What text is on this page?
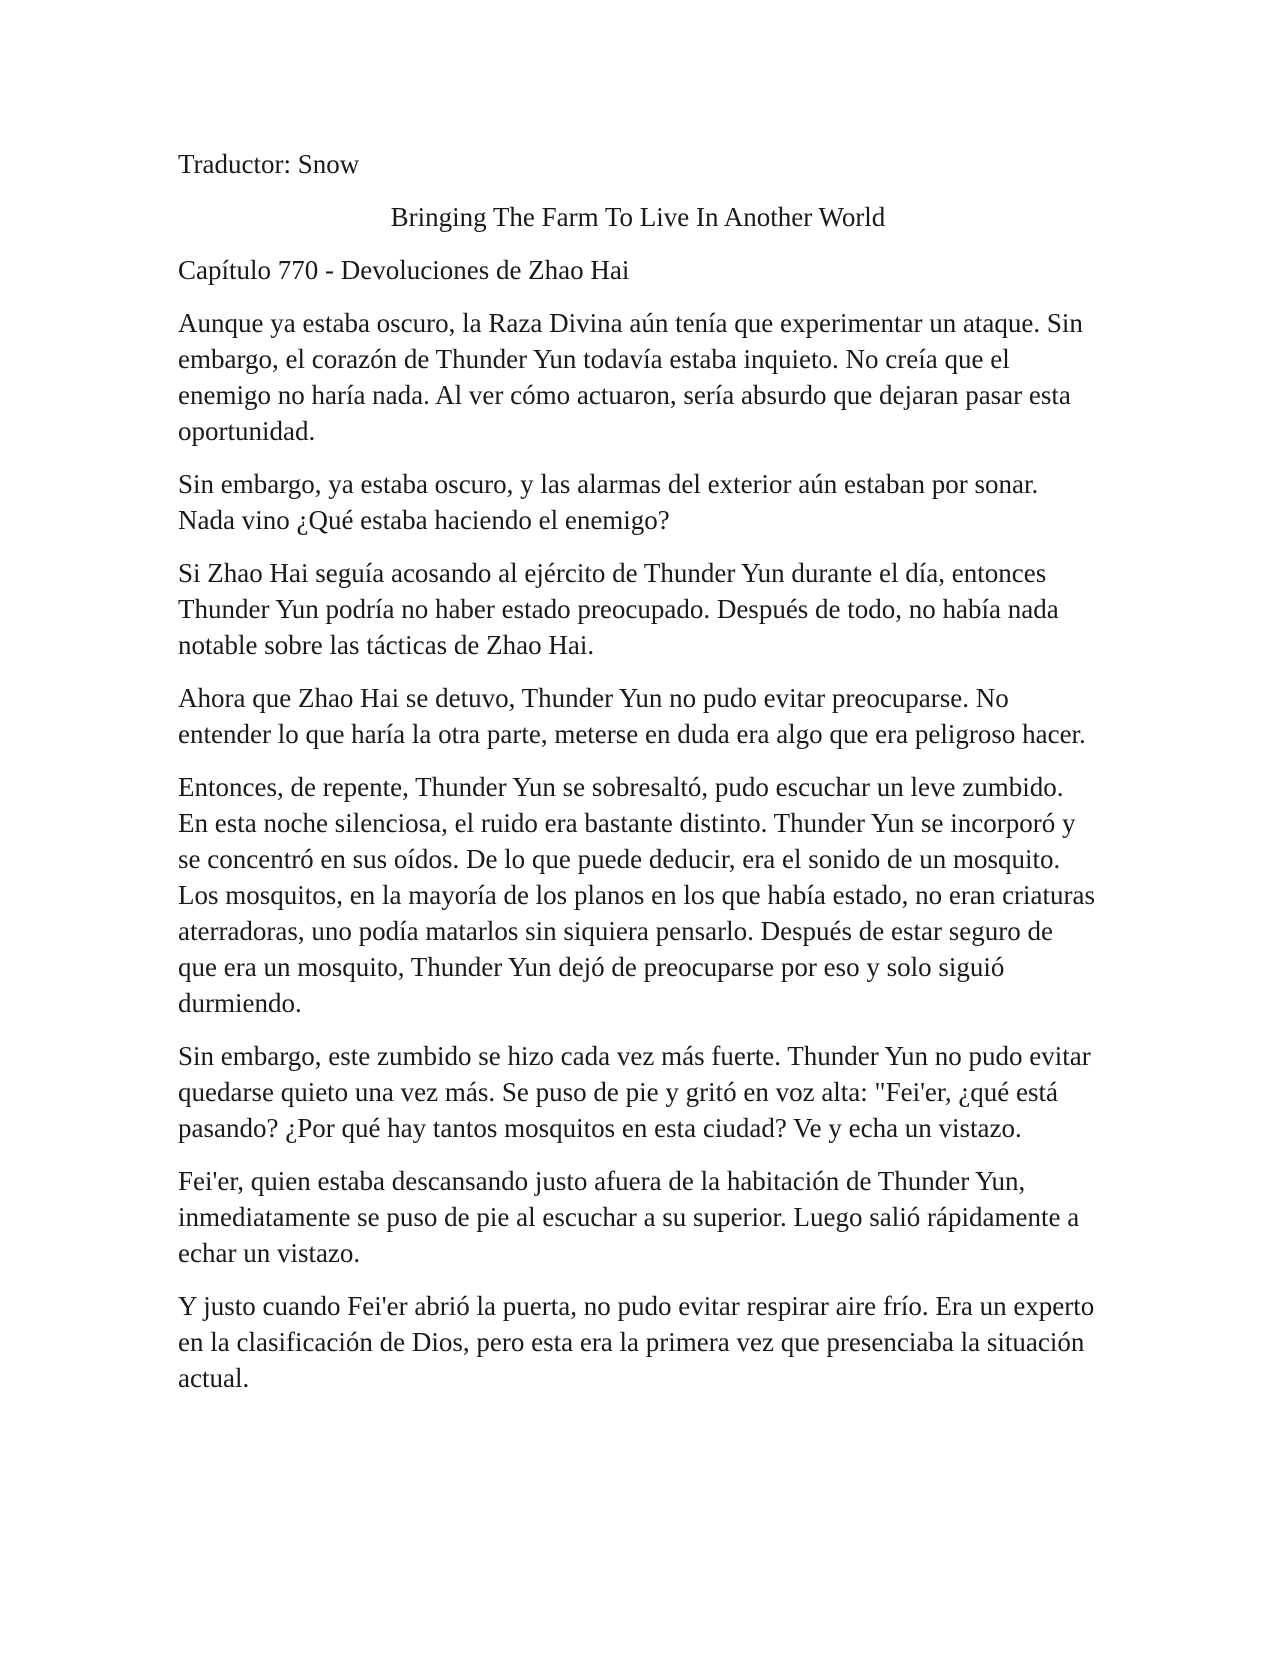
Traductor: Snow

Bringing The Farm To Live In Another World

Capítulo 770 - Devoluciones de Zhao Hai

Aunque ya estaba oscuro, la Raza Divina aún tenía que experimentar un ataque. Sin embargo, el corazón de Thunder Yun todavía estaba inquieto. No creía que el enemigo no haría nada. Al ver cómo actuaron, sería absurdo que dejaran pasar esta oportunidad.

Sin embargo, ya estaba oscuro, y las alarmas del exterior aún estaban por sonar. Nada vino ¿Qué estaba haciendo el enemigo?

Si Zhao Hai seguía acosando al ejército de Thunder Yun durante el día, entonces Thunder Yun podría no haber estado preocupado. Después de todo, no había nada notable sobre las tácticas de Zhao Hai.

Ahora que Zhao Hai se detuvo, Thunder Yun no pudo evitar preocuparse. No entender lo que haría la otra parte, meterse en duda era algo que era peligroso hacer.

Entonces, de repente, Thunder Yun se sobresaltó, pudo escuchar un leve zumbido. En esta noche silenciosa, el ruido era bastante distinto. Thunder Yun se incorporó y se concentró en sus oídos. De lo que puede deducir, era el sonido de un mosquito. Los mosquitos, en la mayoría de los planos en los que había estado, no eran criaturas aterradoras, uno podía matarlos sin siquiera pensarlo. Después de estar seguro de que era un mosquito, Thunder Yun dejó de preocuparse por eso y solo siguió durmiendo.

Sin embargo, este zumbido se hizo cada vez más fuerte. Thunder Yun no pudo evitar quedarse quieto una vez más. Se puso de pie y gritó en voz alta: "Fei'er, ¿qué está pasando? ¿Por qué hay tantos mosquitos en esta ciudad? Ve y echa un vistazo.

Fei'er, quien estaba descansando justo afuera de la habitación de Thunder Yun, inmediatamente se puso de pie al escuchar a su superior. Luego salió rápidamente a echar un vistazo.

Y justo cuando Fei'er abrió la puerta, no pudo evitar respirar aire frío. Era un experto en la clasificación de Dios, pero esta era la primera vez que presenciaba la situación actual.
